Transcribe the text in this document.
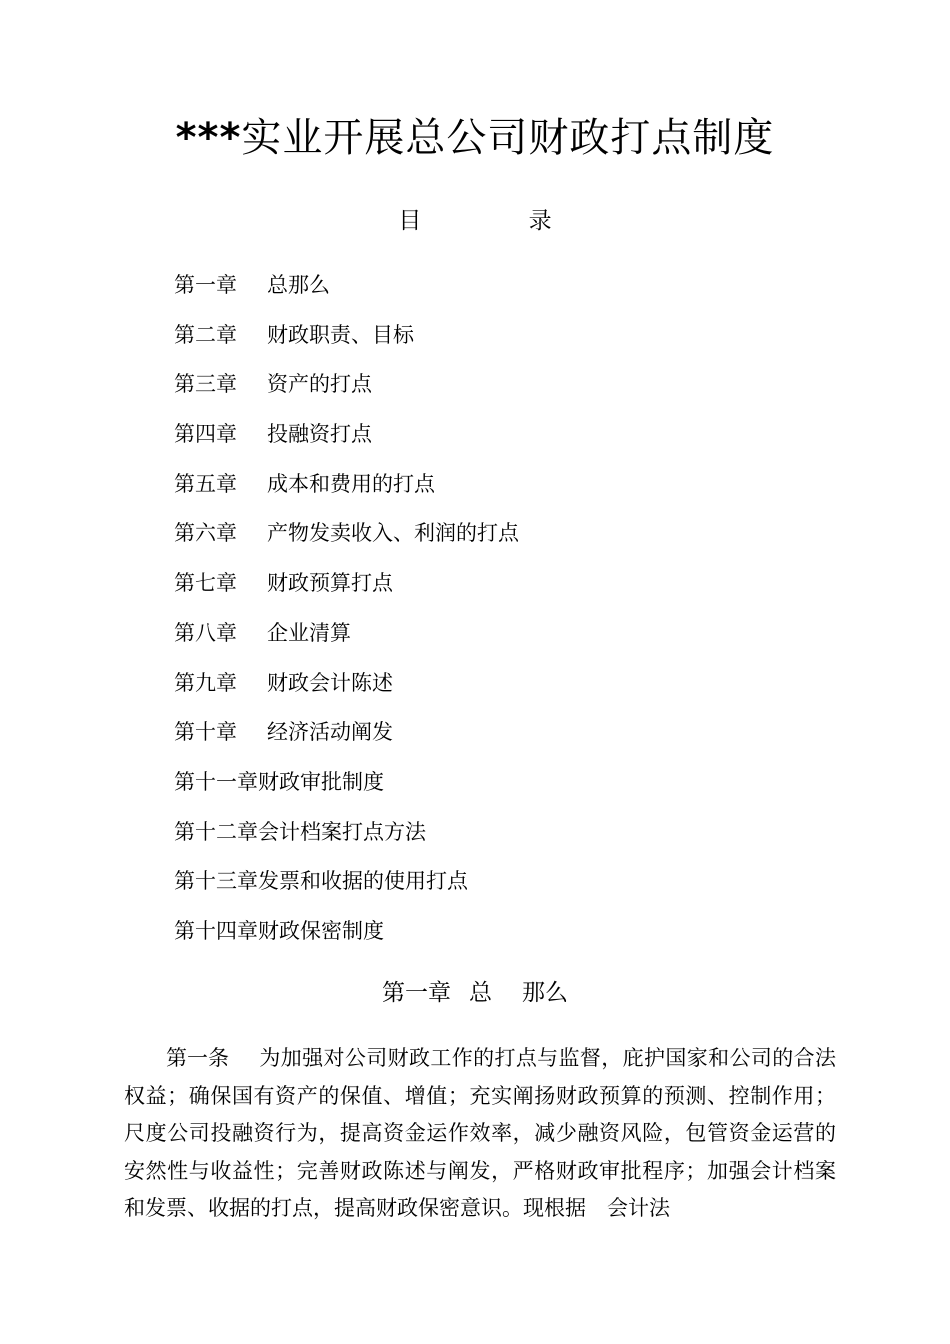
***实业开展总公司财政打点制度
目	录
第一章 总那么
第二章 财政职责、目标
第三章 资产的打点
第四章 投融资打点
第五章 成本和费用的打点
第六章 产物发卖收入、利润的打点
第七章 财政预算打点
第八章 企业清算
第九章 财政会计陈述
第十章 经济活动阐发
第十一章财政审批制度
第十二章会计档案打点方法
第十三章发票和收据的使用打点
第十四章财政保密制度
第一章 总 那么

第一条 为加强对公司财政工作的打点与监督，庇护国家和公司的合法权益；确保国有资产的保值、增值；充实阐扬财政预算的预测、控制作用；尺度公司投融资行为，提高资金运作效率，减少融资风险，包管资金运营的安然性与收益性；完善财政陈述与阐发，严格财政审批程序；加强会计档案和发票、收据的打点，提高财政保密意识。现根据　会计法
